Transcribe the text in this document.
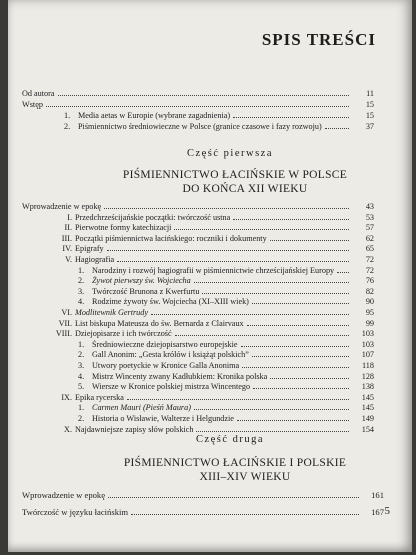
SPIS TREŚCI
Od autora	11
Wstęp	15
1. Media aetas w Europie (wybrane zagadnienia)	15
2. Piśmiennictwo średniowieczne w Polsce (granice czasowe i fazy rozwoju)	37
Część pierwsza
PIŚMIENNICTWO ŁACIŃSKIE W POLSCE
DO KOŃCA XII WIEKU
Wprowadzenie w epokę	43
I. Przedchrześcijańskie początki: twórczość ustna	53
II. Pierwotne formy katechizacji	57
III. Początki piśmiennictwa łacińskiego: roczniki i dokumenty	62
IV. Epigrafy	65
V. Hagiografia	72
1. Narodziny i rozwój hagiografii w piśmiennictwie chrześcijańskiej Europy	72
2. Żywot pierwszy św. Wojciecha	76
3. Twórczość Brunona z Kwerfurtu	82
4. Rodzime żywoty św. Wojciecha (XI–XIII wiek)	90
VI. Modlitewnik Gertrudy	95
VII. List biskupa Mateusza do św. Bernarda z Clairvaux	99
VIII. Dziejopisarze i ich twórczość	103
1. Średniowieczne dziejopisarstwo europejskie	103
2. Gall Anonim: „Gesta królów i książąt polskich”	107
3. Utwory poetyckie w Kronice Galla Anonima	118
4. Mistrz Wincenty zwany Kadłubkiem: Kronika polska	128
5. Wiersze w Kronice polskiej mistrza Wincentego	138
IX. Epika rycerska	145
1. Carmen Mauri (Pieśń Maura)	145
2. Historia o Wisławie, Walterze i Helgundzie	149
X. Najdawniejsze zapisy słów polskich	154
Część druga
PIŚMIENNICTWO ŁACIŃSKIE I POLSKIE
XIII–XIV WIEKU
Wprowadzenie w epokę	161
Twórczość w języku łacińskim	167 5
